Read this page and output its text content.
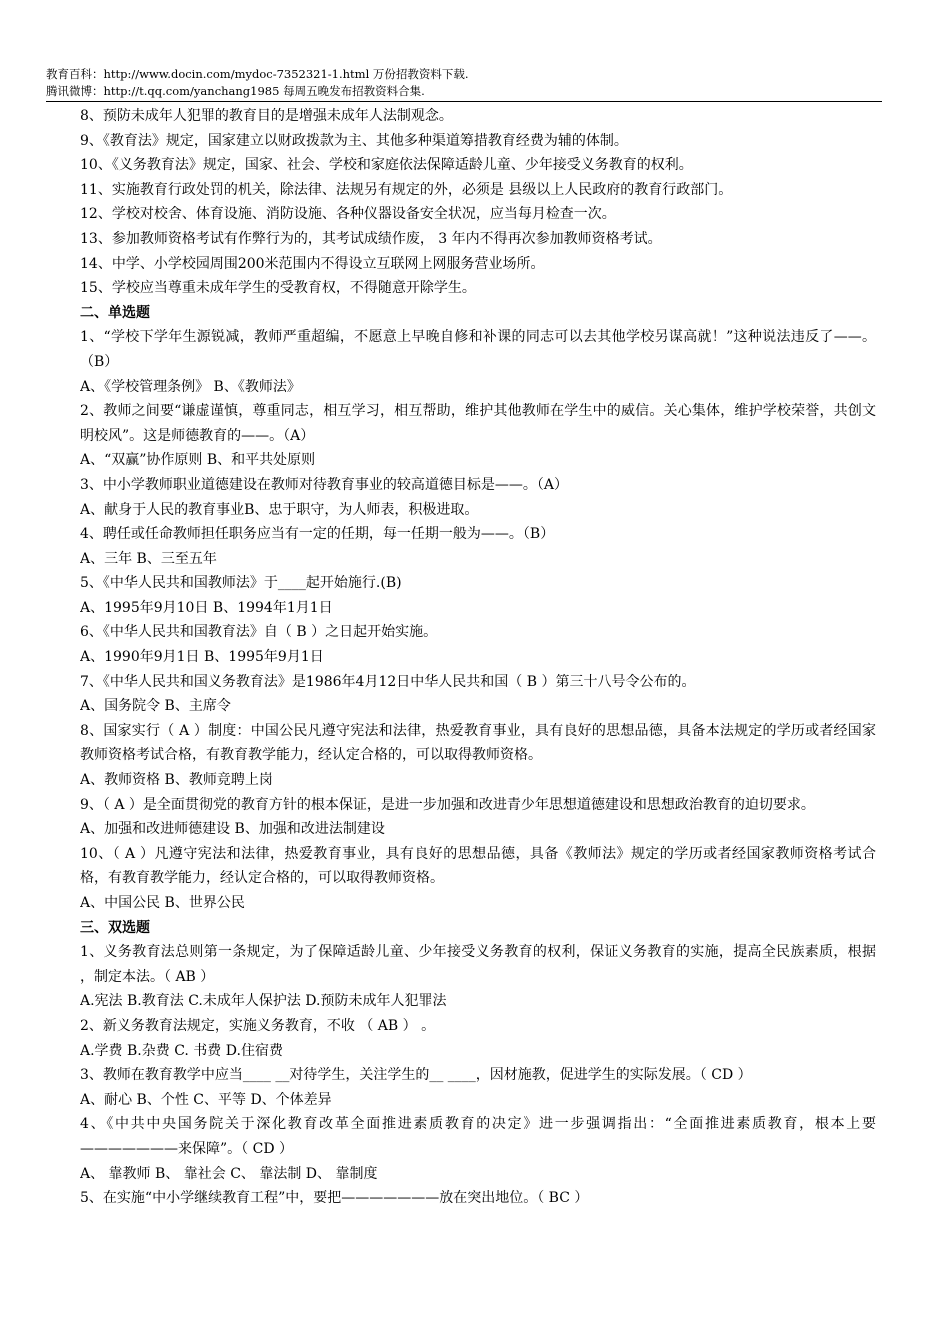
教育百科：http://www.docin.com/mydoc-7352321-1.html 万份招教资料下载.
腾讯微博：http://t.qq.com/yanchang1985 每周五晚发布招教资料合集.
8、预防未成年人犯罪的教育目的是增强未成年人法制观念。
9、《教育法》规定，国家建立以财政拨款为主、其他多种渠道筹措教育经费为辅的体制。
10、《义务教育法》规定，国家、社会、学校和家庭依法保障适龄儿童、少年接受义务教育的权利。
11、实施教育行政处罚的机关，除法律、法规另有规定的外，必须是 县级以上人民政府的教育行政部门。
12、学校对校舍、体育设施、消防设施、各种仪器设备安全状况，应当每月检查一次。
13、参加教师资格考试有作弊行为的，其考试成绩作废， 3 年内不得再次参加教师资格考试。
14、中学、小学校园周围200米范围内不得设立互联网上网服务营业场所。
15、学校应当尊重未成年学生的受教育权，不得随意开除学生。
二、单选题
1、“学校下学年生源锐减，教师严重超编，不愿意上早晚自修和补课的同志可以去其他学校另谋高就！”这种说法违反了——。（B）
A、《学校管理条例》 B、《教师法》
2、教师之间要“谦虚谨慎，尊重同志，相互学习，相互帮助，维护其他教师在学生中的威信。关心集体，维护学校荣誉，共创文明校风”。这是师德教育的——。（A）
A、“双赢”协作原则 B、和平共处原则
3、中小学教师职业道德建设在教师对待教育事业的较高道德目标是——。（A）
A、献身于人民的教育事业B、忠于职守，为人师表，积极进取。
4、聘任或任命教师担任职务应当有一定的任期，每一任期一般为——。（B）
A、三年 B、三至五年
5、《中华人民共和国教师法》于____起开始施行.(B)
A、1995年9月10日 B、1994年1月1日
6、《中华人民共和国教育法》自（ B ）之日起开始实施。
A、1990年9月1日 B、1995年9月1日
7、《中华人民共和国义务教育法》是1986年4月12日中华人民共和国（ B ）第三十八号令公布的。
A、国务院令 B、主席令
8、国家实行（ A ）制度：中国公民凡遵守宪法和法律，热爱教育事业，具有良好的思想品德，具备本法规定的学历或者经国家教师资格考试合格，有教育教学能力，经认定合格的，可以取得教师资格。
A、教师资格 B、教师竞聘上岗
9、（ A ）是全面贯彻党的教育方针的根本保证，是进一步加强和改进青少年思想道德建设和思想政治教育的迫切要求。
A、加强和改进师德建设 B、加强和改进法制建设
10、（ A ）凡遵守宪法和法律，热爱教育事业，具有良好的思想品德，具备《教师法》规定的学历或者经国家教师资格考试合格，有教育教学能力，经认定合格的，可以取得教师资格。
A、中国公民 B、世界公民
三、双选题
1、义务教育法总则第一条规定，为了保障适龄儿童、少年接受义务教育的权利，保证义务教育的实施，提高全民族素质，根据 ，制定本法。（ AB ）
A.宪法 B.教育法 C.未成年人保护法 D.预防未成年人犯罪法
2、新义务教育法规定，实施义务教育，不收 （ AB ） 。
A.学费 B.杂费 C. 书费 D.住宿费
3、教师在教育教学中应当____ __对待学生，关注学生的__ ____，因材施教，促进学生的实际发展。（ CD ）
A、耐心 B、个性 C、平等 D、个体差异
4、《中共中央国务院关于深化教育改革全面推进素质教育的决定》进一步强调指出：“全面推进素质教育，根本上要———————来保障”。（ CD ）
A、 靠教师 B、 靠社会 C、 靠法制 D、 靠制度
5、在实施“中小学继续教育工程”中，要把———————放在突出地位。（ BC ）
